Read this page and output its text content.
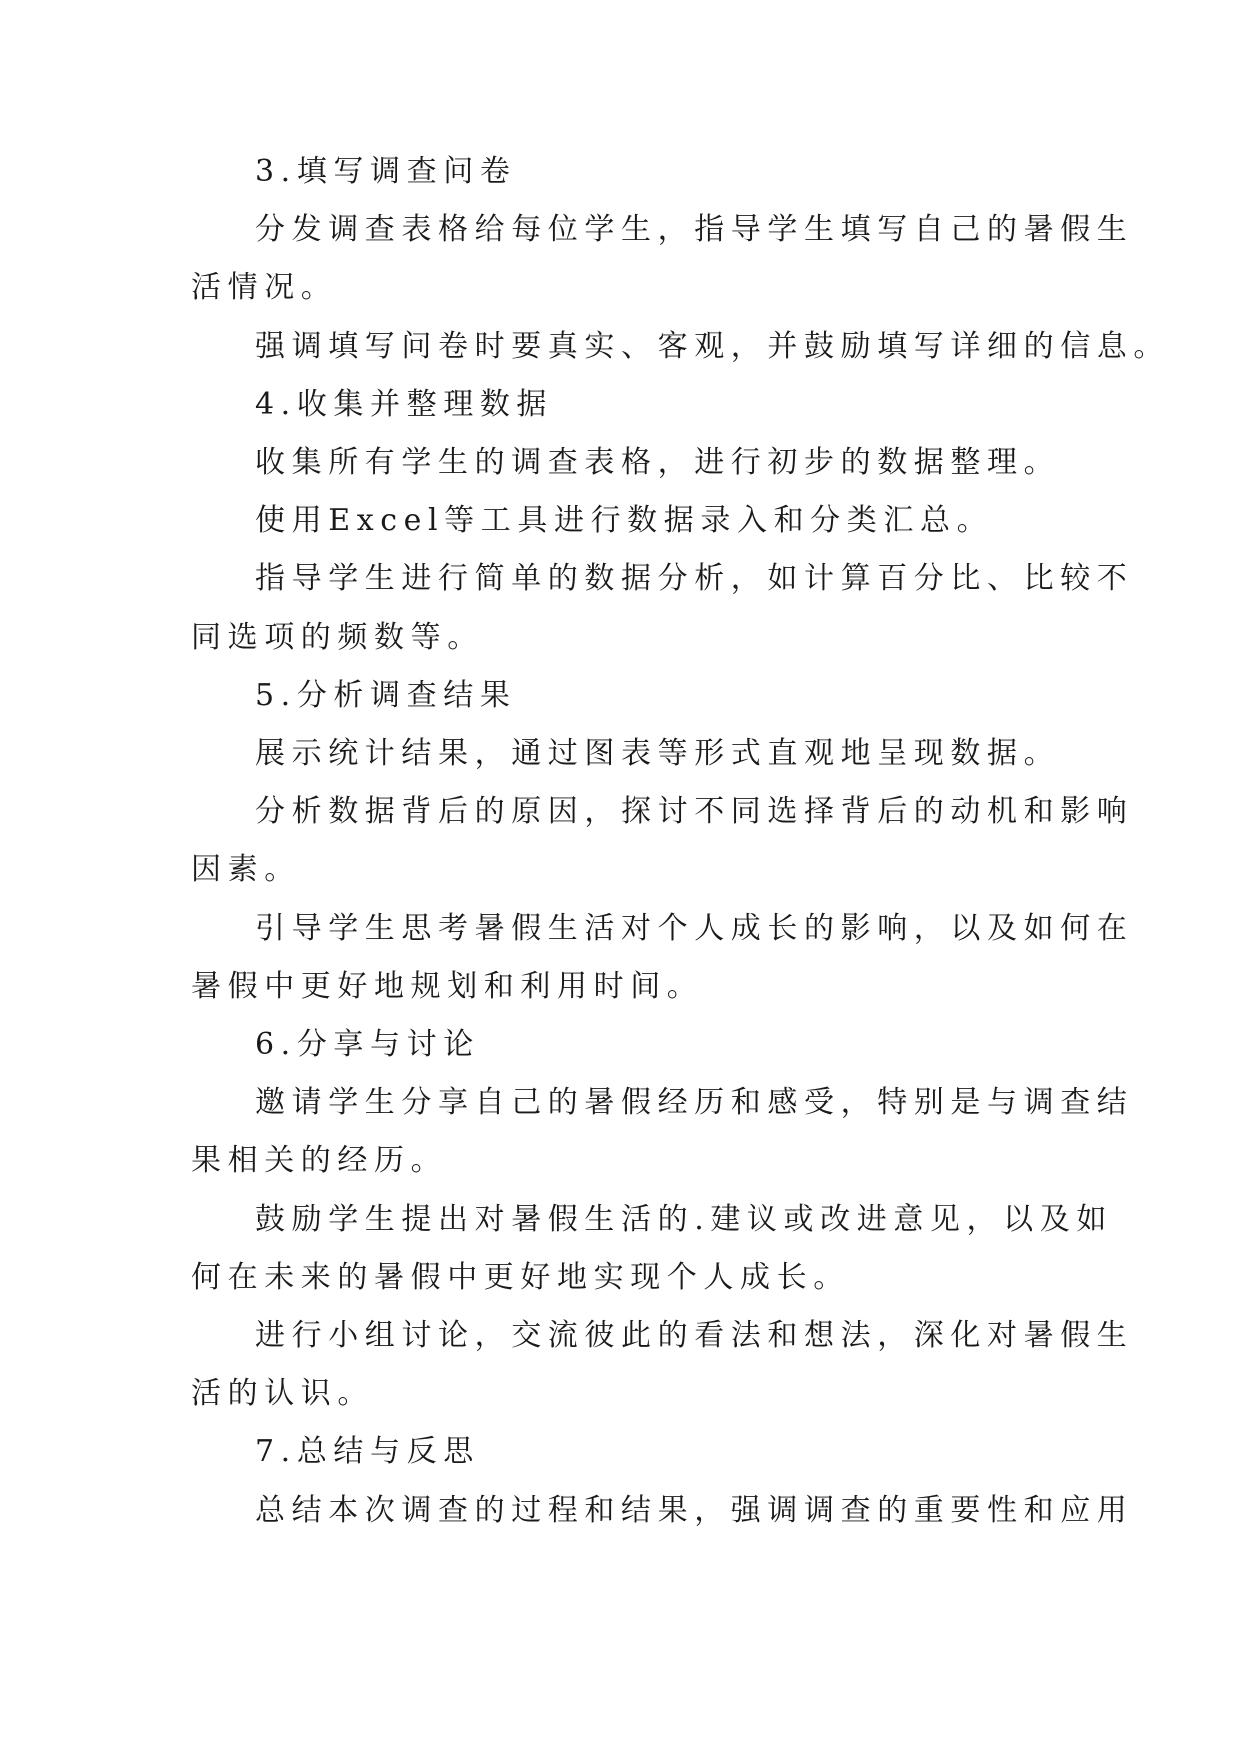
3.填写调查问卷
分发调查表格给每位学生，指导学生填写自己的暑假生
活情况。
强调填写问卷时要真实、客观，并鼓励填写详细的信息。
4.收集并整理数据
收集所有学生的调查表格，进行初步的数据整理。
使用Excel等工具进行数据录入和分类汇总。
指导学生进行简单的数据分析，如计算百分比、比较不
同选项的频数等。
5.分析调查结果
展示统计结果，通过图表等形式直观地呈现数据。
分析数据背后的原因，探讨不同选择背后的动机和影响
因素。
引导学生思考暑假生活对个人成长的影响，以及如何在
暑假中更好地规划和利用时间。
6.分享与讨论
邀请学生分享自己的暑假经历和感受，特别是与调查结
果相关的经历。
鼓励学生提出对暑假生活的.建议或改进意见，以及如
何在未来的暑假中更好地实现个人成长。
进行小组讨论，交流彼此的看法和想法，深化对暑假生
活的认识。
7.总结与反思
总结本次调查的过程和结果，强调调查的重要性和应用
